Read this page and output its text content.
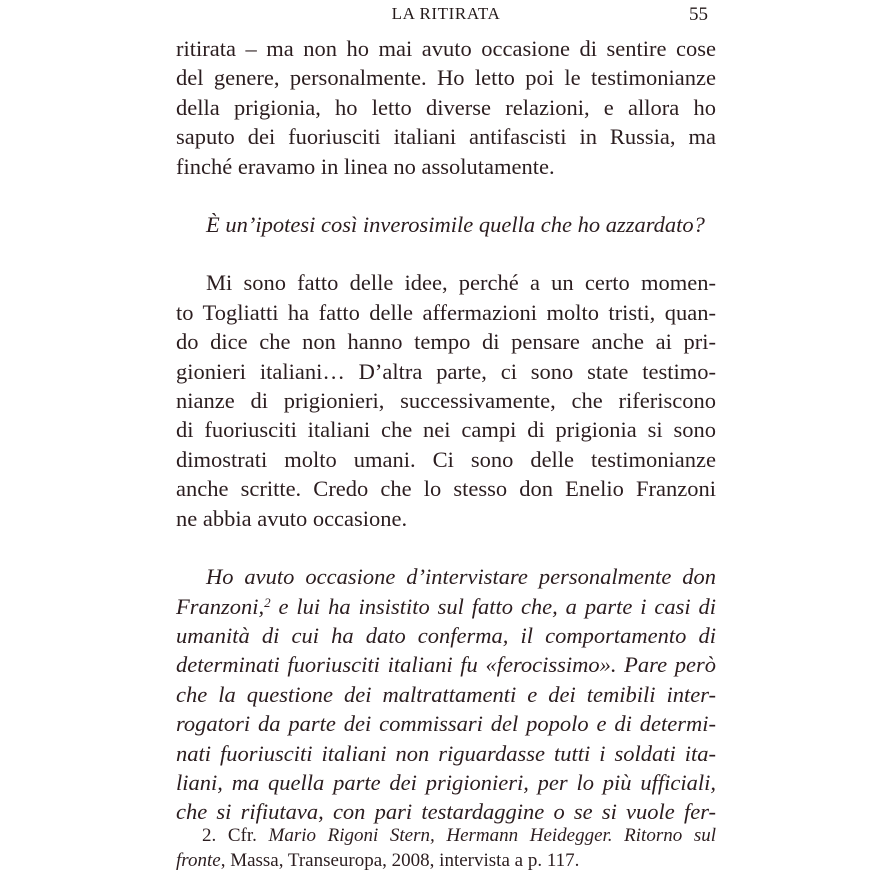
LA RITIRATA	55

ritirata – ma non ho mai avuto occasione di sentire cose
del genere, personalmente. Ho letto poi le testimonianze
della prigionia, ho letto diverse relazioni, e allora ho
saputo dei fuoriusciti italiani antifascisti in Russia, ma
finché eravamo in linea no assolutamente.

È un’ipotesi così inverosimile quella che ho azzardato?

Mi sono fatto delle idee, perché a un certo momen-
to Togliatti ha fatto delle affermazioni molto tristi, quan-
do dice che non hanno tempo di pensare anche ai pri-
gionieri italiani… D’altra parte, ci sono state testimo-
nianze di prigionieri, successivamente, che riferiscono
di fuoriusciti italiani che nei campi di prigionia si sono
dimostrati molto umani. Ci sono delle testimonianze
anche scritte. Credo che lo stesso don Enelio Franzoni
ne abbia avuto occasione.

Ho avuto occasione d’intervistare personalmente don
Franzoni,$^2$ e lui ha insistito sul fatto che, a parte i casi di
umanità di cui ha dato conferma, il comportamento di
determinati fuoriusciti italiani fu «ferocissimo». Pare però
che la questione dei maltrattamenti e dei temibili inter-
rogatori da parte dei commissari del popolo e di determi-
nati fuoriusciti italiani non riguardasse tutti i soldati ita-
liani, ma quella parte dei prigionieri, per lo più ufficiali,
che si rifiutava, con pari testardaggine o se si vuole fer-

2. Cfr. Mario Rigoni Stern, Hermann Heidegger. Ritorno sul
fronte, Massa, Transeuropa, 2008, intervista a p. 117.
